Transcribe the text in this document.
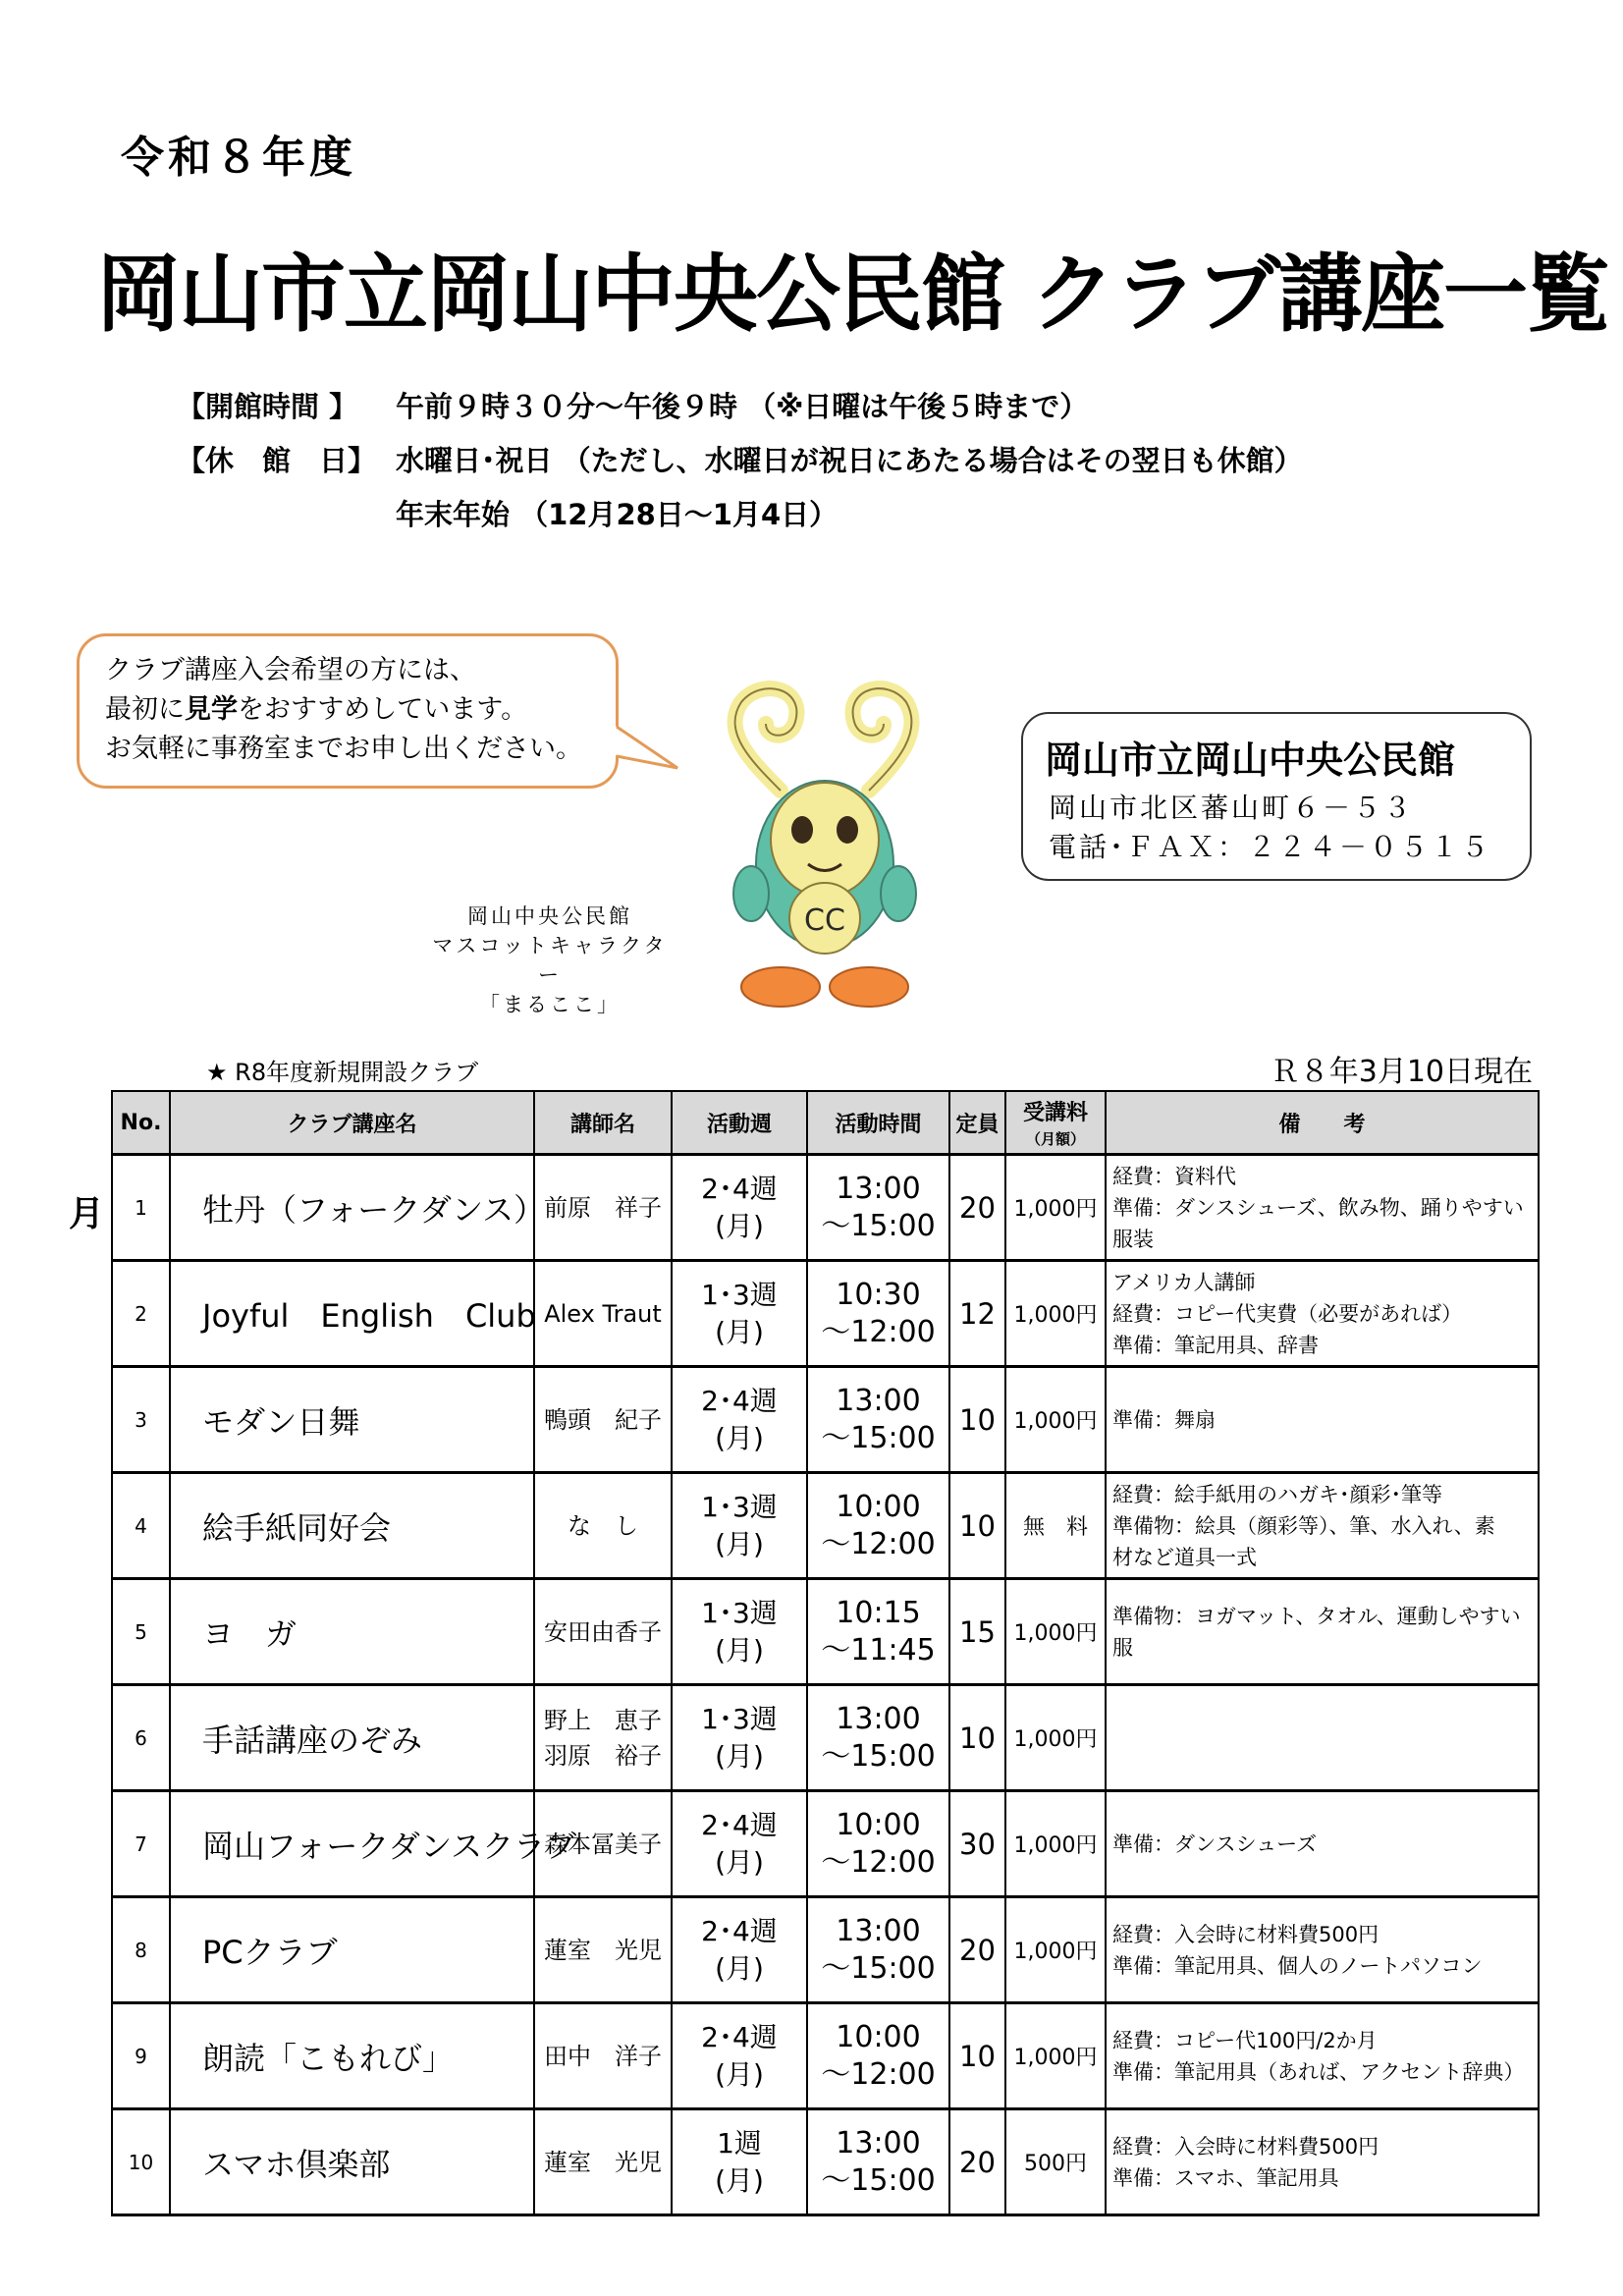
令和８年度
岡山市立岡山中央公民館 クラブ講座一覧
【開館時間 】 午前９時３０分～午後９時 （※日曜は午後５時まで）
【休　館　日】 水曜日･祝日 （ただし、水曜日が祝日にあたる場合はその翌日も休館）
年末年始 （12月28日～1月4日）
クラブ講座入会希望の方には、
最初に見学をおすすめしています。
お気軽に事務室までお申し出ください。
CC
岡山中央公民館
マスコットキャラクター
「まるここ」
岡山市立岡山中央公民館
岡山市北区蕃山町６－５３
電話･ＦＡＸ：２２４－０５１５
★ R8年度新規開設クラブ	Ｒ８年3月10日現在
月
No.	クラブ講座名	講師名	活動週	活動時間	定員	受講料
（月額）	備　　考
1	牡丹（フォークダンス）	前原　祥子	2･4週
(月)	13:00
～15:00	20	1,000円	経費：資料代
準備：ダンスシューズ、飲み物、踊りやすい服装

2	Joyful　English　Club	Alex Traut	1･3週
(月)	10:30
～12:00	12	1,000円	アメリカ人講師
経費：コピー代実費（必要があれば）
準備：筆記用具、辞書

3	モダン日舞	鴨頭　紀子	2･4週
(月)	13:00
～15:00	10	1,000円	準備：舞扇

4	絵手紙同好会	な　し	1･3週
(月)	10:00
～12:00	10	無　料	経費：絵手紙用のハガキ･顔彩･筆等
準備物：絵具（顔彩等）、筆、水入れ、素
材など道具一式

5	ヨ　ガ	安田由香子	1･3週
(月)	10:15
～11:45	15	1,000円	準備物：ヨガマット、タオル、運動しやすい服

6	手話講座のぞみ	野上　恵子
羽原　裕子	1･3週
(月)	13:00
～15:00	10	1,000円	
7	岡山フォークダンスクラブ	森本冨美子	2･4週
(月)	10:00
～12:00	30	1,000円	準備：ダンスシューズ

8	PCクラブ	蓮室　光児	2･4週
(月)	13:00
～15:00	20	1,000円	経費：入会時に材料費500円
準備：筆記用具、個人のノートパソコン

9	朗読「こもれび」	田中　洋子	2･4週
(月)	10:00
～12:00	10	1,000円	経費：コピー代100円/2か月
準備：筆記用具（あれば、アクセント辞典）

10	スマホ倶楽部	蓮室　光児	1週
(月)	13:00
～15:00	20	500円	経費：入会時に材料費500円
準備：スマホ、筆記用具
